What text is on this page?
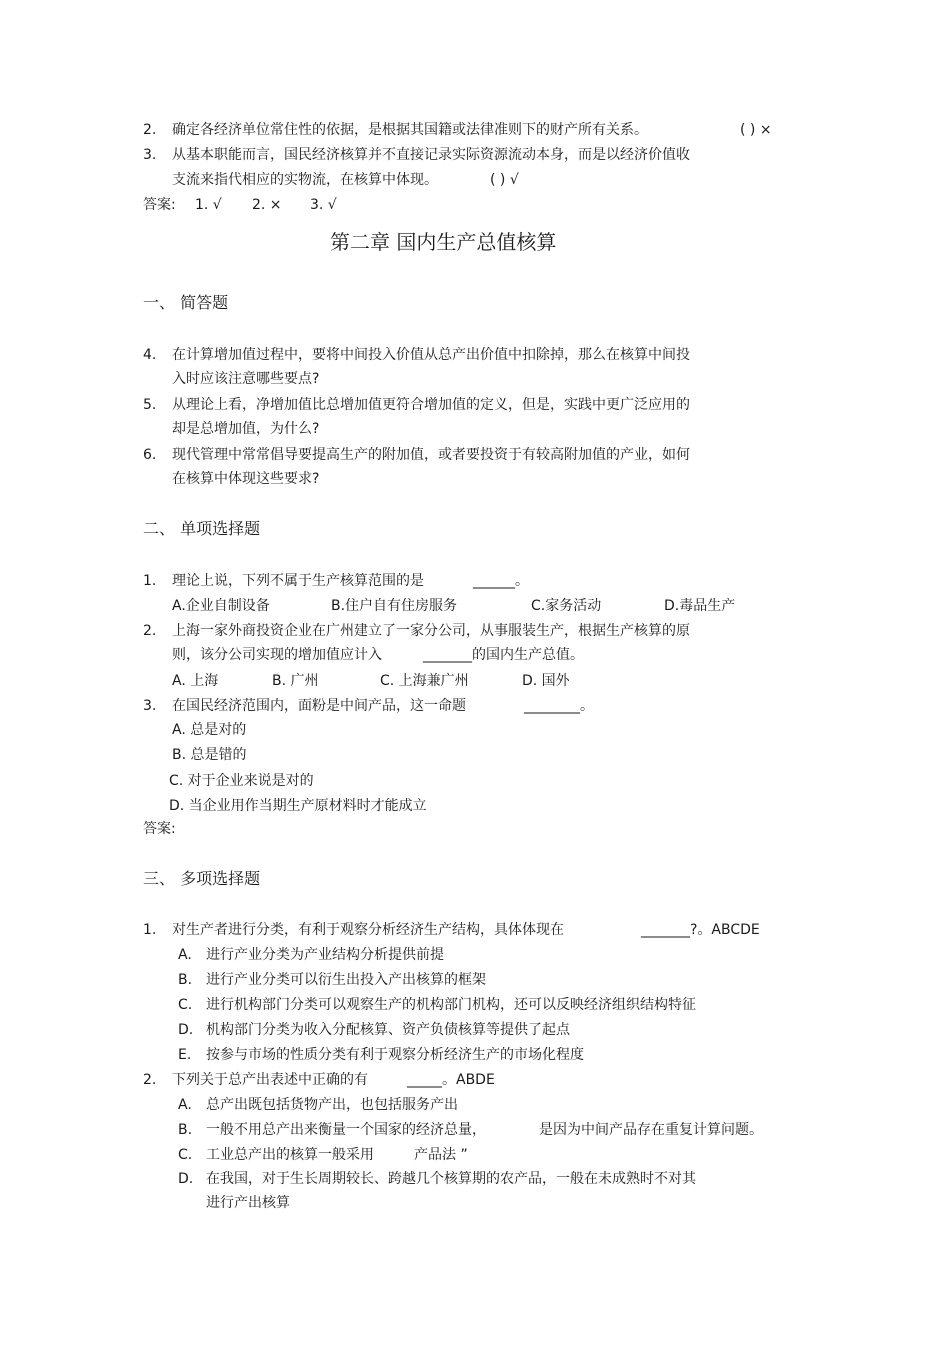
2. 确定各经济单位常住性的依据，是根据其国籍或法律准则下的财产所有关系。	( ) ×
3. 从基本职能而言，国民经济核算并不直接记录实际资源流动本身，而是以经济价值收
支流来指代相应的实物流，在核算中体现。	( ) √
答案: 1. √ 2. × 3. √
第二章 国内生产总值核算
一、 简答题
4. 在计算增加值过程中，要将中间投入价值从总产出价值中扣除掉，那么在核算中间投
入时应该注意哪些要点?
5. 从理论上看，净增加值比总增加值更符合增加值的定义，但是，实践中更广泛应用的
却是总增加值，为什么?
6. 现代管理中常常倡导要提高生产的附加值，或者要投资于有较高附加值的产业，如何
在核算中体现这些要求?
二、 单项选择题
1. 理论上说，下列不属于生产核算范围的是	______。
A.企业自制设备	B.住户自有住房服务	C.家务活动	D.毒品生产
2. 上海一家外商投资企业在广州建立了一家分公司，从事服装生产，根据生产核算的原
则，该分公司实现的增加值应计入	_______的国内生产总值。
A. 上海	B. 广州	C. 上海兼广州	D. 国外
3. 在国民经济范围内，面粉是中间产品，这一命题	________。
A. 总是对的
B. 总是错的
C. 对于企业来说是对的
D. 当企业用作当期生产原材料时才能成立
答案:
三、 多项选择题
1. 对生产者进行分类，有利于观察分析经济生产结构，具体体现在	_______?。ABCDE
A. 进行产业分类为产业结构分析提供前提
B. 进行产业分类可以衍生出投入产出核算的框架
C. 进行机构部门分类可以观察生产的机构部门机构，还可以反映经济组织结构特征
D. 机构部门分类为收入分配核算、资产负债核算等提供了起点
E. 按参与市场的性质分类有利于观察分析经济生产的市场化程度
2. 下列关于总产出表述中正确的有	_____。ABDE
A. 总产出既包括货物产出，也包括服务产出
B. 一般不用总产出来衡量一个国家的经济总量，	是因为中间产品存在重复计算问题。
C. 工业总产出的核算一般采用	产品法 ”
D. 在我国，对于生长周期较长、跨越几个核算期的农产品，一般在未成熟时不对其
进行产出核算
